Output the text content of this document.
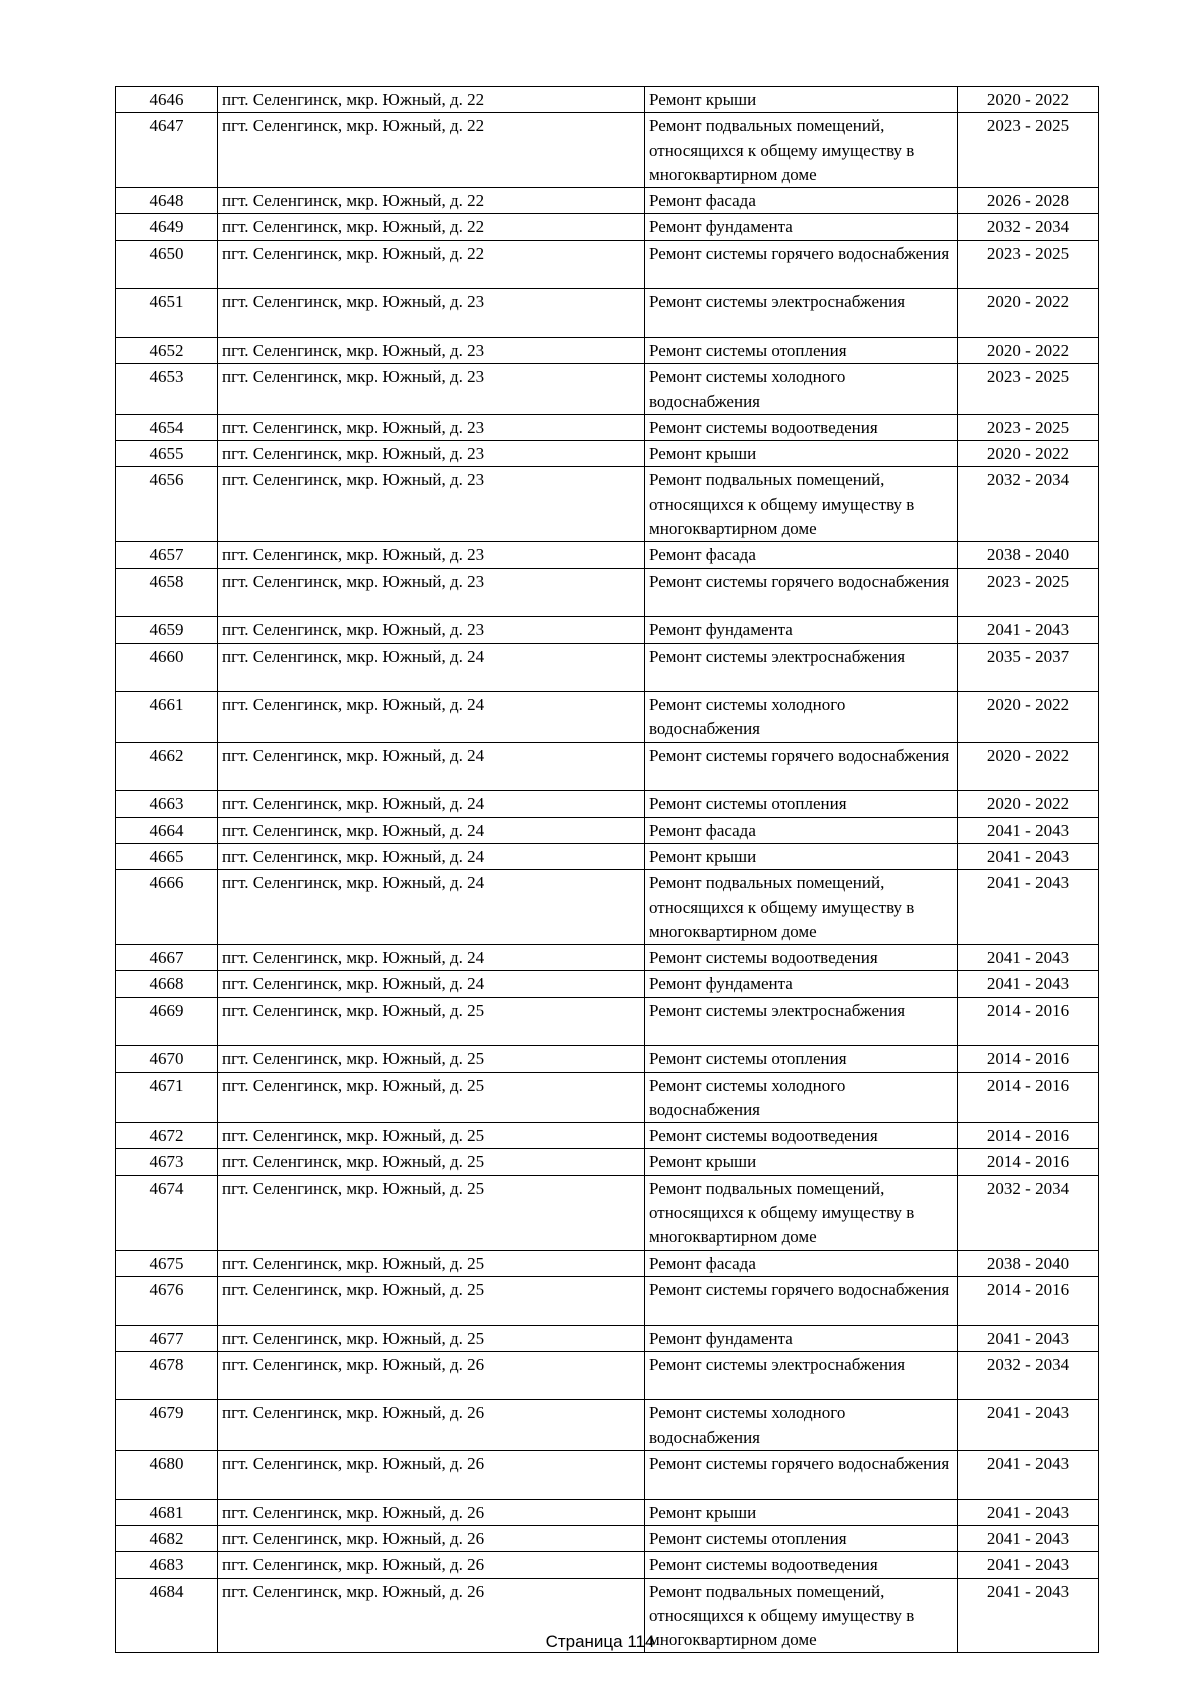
4646	пгт. Селенгинск, мкр. Южный, д. 22	Ремонт крыши	2020 - 2022
4647	пгт. Селенгинск, мкр. Южный, д. 22	Ремонт подвальных помещений, относящихся к общему имуществу в многоквартирном доме	2023 - 2025
4648	пгт. Селенгинск, мкр. Южный, д. 22	Ремонт фасада	2026 - 2028
4649	пгт. Селенгинск, мкр. Южный, д. 22	Ремонт фундамента	2032 - 2034
4650	пгт. Селенгинск, мкр. Южный, д. 22	Ремонт системы горячего водоснабжения	2023 - 2025
4651	пгт. Селенгинск, мкр. Южный, д. 23	Ремонт системы электроснабжения	2020 - 2022
4652	пгт. Селенгинск, мкр. Южный, д. 23	Ремонт системы отопления	2020 - 2022
4653	пгт. Селенгинск, мкр. Южный, д. 23	Ремонт системы холодного водоснабжения	2023 - 2025
4654	пгт. Селенгинск, мкр. Южный, д. 23	Ремонт системы водоотведения	2023 - 2025
4655	пгт. Селенгинск, мкр. Южный, д. 23	Ремонт крыши	2020 - 2022
4656	пгт. Селенгинск, мкр. Южный, д. 23	Ремонт подвальных помещений, относящихся к общему имуществу в многоквартирном доме	2032 - 2034
4657	пгт. Селенгинск, мкр. Южный, д. 23	Ремонт фасада	2038 - 2040
4658	пгт. Селенгинск, мкр. Южный, д. 23	Ремонт системы горячего водоснабжения	2023 - 2025
4659	пгт. Селенгинск, мкр. Южный, д. 23	Ремонт фундамента	2041 - 2043
4660	пгт. Селенгинск, мкр. Южный, д. 24	Ремонт системы электроснабжения	2035 - 2037
4661	пгт. Селенгинск, мкр. Южный, д. 24	Ремонт системы холодного водоснабжения	2020 - 2022
4662	пгт. Селенгинск, мкр. Южный, д. 24	Ремонт системы горячего водоснабжения	2020 - 2022
4663	пгт. Селенгинск, мкр. Южный, д. 24	Ремонт системы отопления	2020 - 2022
4664	пгт. Селенгинск, мкр. Южный, д. 24	Ремонт фасада	2041 - 2043
4665	пгт. Селенгинск, мкр. Южный, д. 24	Ремонт крыши	2041 - 2043
4666	пгт. Селенгинск, мкр. Южный, д. 24	Ремонт подвальных помещений, относящихся к общему имуществу в многоквартирном доме	2041 - 2043
4667	пгт. Селенгинск, мкр. Южный, д. 24	Ремонт системы водоотведения	2041 - 2043
4668	пгт. Селенгинск, мкр. Южный, д. 24	Ремонт фундамента	2041 - 2043
4669	пгт. Селенгинск, мкр. Южный, д. 25	Ремонт системы электроснабжения	2014 - 2016
4670	пгт. Селенгинск, мкр. Южный, д. 25	Ремонт системы отопления	2014 - 2016
4671	пгт. Селенгинск, мкр. Южный, д. 25	Ремонт системы холодного водоснабжения	2014 - 2016
4672	пгт. Селенгинск, мкр. Южный, д. 25	Ремонт системы водоотведения	2014 - 2016
4673	пгт. Селенгинск, мкр. Южный, д. 25	Ремонт крыши	2014 - 2016
4674	пгт. Селенгинск, мкр. Южный, д. 25	Ремонт подвальных помещений, относящихся к общему имуществу в многоквартирном доме	2032 - 2034
4675	пгт. Селенгинск, мкр. Южный, д. 25	Ремонт фасада	2038 - 2040
4676	пгт. Селенгинск, мкр. Южный, д. 25	Ремонт системы горячего водоснабжения	2014 - 2016
4677	пгт. Селенгинск, мкр. Южный, д. 25	Ремонт фундамента	2041 - 2043
4678	пгт. Селенгинск, мкр. Южный, д. 26	Ремонт системы электроснабжения	2032 - 2034
4679	пгт. Селенгинск, мкр. Южный, д. 26	Ремонт системы холодного водоснабжения	2041 - 2043
4680	пгт. Селенгинск, мкр. Южный, д. 26	Ремонт системы горячего водоснабжения	2041 - 2043
4681	пгт. Селенгинск, мкр. Южный, д. 26	Ремонт крыши	2041 - 2043
4682	пгт. Селенгинск, мкр. Южный, д. 26	Ремонт системы отопления	2041 - 2043
4683	пгт. Селенгинск, мкр. Южный, д. 26	Ремонт системы водоотведения	2041 - 2043
4684	пгт. Селенгинск, мкр. Южный, д. 26	Ремонт подвальных помещений, относящихся к общему имуществу в многоквартирном доме	2041 - 2043
Страница 114
